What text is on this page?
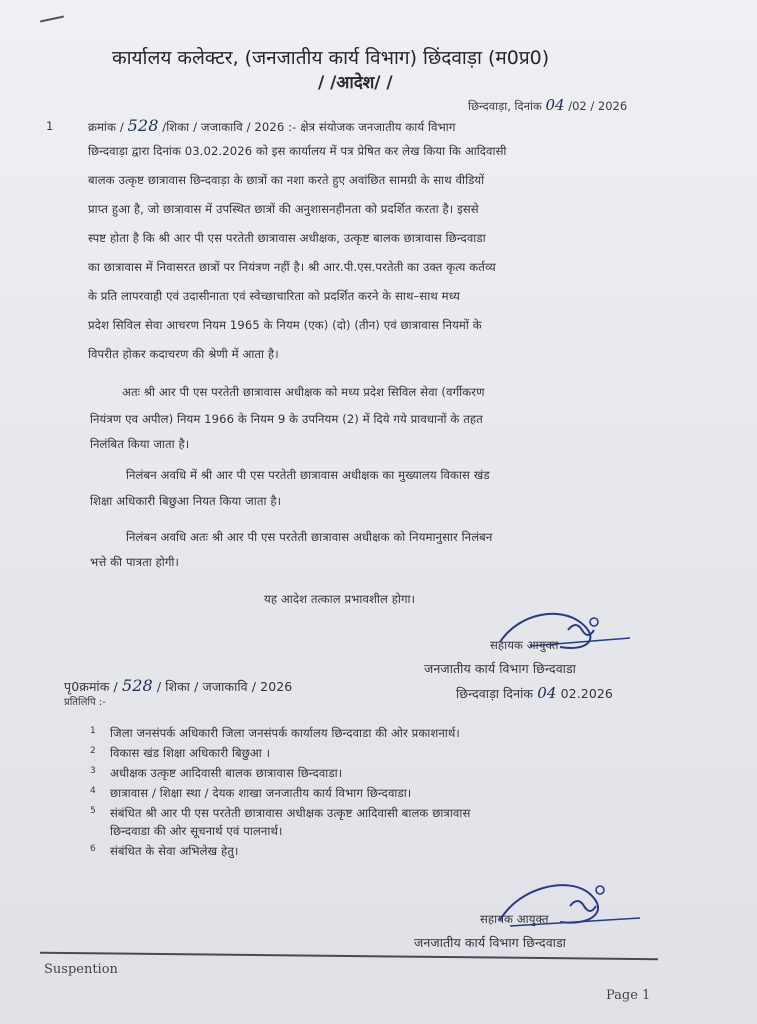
कार्यालय कलेक्टर, (जनजातीय कार्य विभाग) छिंदवाड़ा (म0प्र0)
/ /आदेश/ /
छिन्दवाड़ा, दिनांक 04 /02 / 2026
1	क्रमांक / 528 /शिका / जजाकावि / 2026 :- क्षेत्र संयोजक जनजातीय कार्य विभाग
छिन्दवाड़ा द्वारा दिनांक 03.02.2026 को इस कार्यालय में पत्र प्रेषित कर लेख किया कि आदिवासी
बालक उत्कृष्ट छात्रावास छिन्दवाड़ा के छात्रों का नशा करते हुए अवांछित सामग्री के साथ वीडियों
प्राप्त हुआ है, जो छात्रावास में उपस्थित छात्रों की अनुशासनहीनता को प्रदर्शित करता है। इससे
स्पष्ट होता है कि श्री आर पी एस परतेती छात्रावास अधीक्षक, उत्कृष्ट बालक छात्रावास छिन्दवाडा
का छात्रावास में निवासरत छात्रों पर नियंत्रण नहीं है। श्री आर.पी.एस.परतेती का उक्त कृत्य कर्तव्य
के प्रति लापरवाही एवं उदासीनाता एवं स्वेच्छाचारिता को प्रदर्शित करने के साथ–साथ मध्य
प्रदेश सिविल सेवा आचरण नियम 1965 के नियम (एक) (दो) (तीन) एवं छात्रावास नियमों के
विपरीत होकर कदाचरण की श्रेणी में आता है।
अतः श्री आर पी एस परतेती छात्रावास अधीक्षक को मध्य प्रदेश सिविल सेवा (वर्गीकरण
नियंत्रण एव अपील) नियम 1966 के नियम 9 के उपनियम (2) में दिये गये प्रावधानों के तहत
निलंबित किया जाता है।
निलंबन अवधि में श्री आर पी एस परतेती छात्रावास अधीक्षक का मुख्यालय विकास खंड
शिक्षा अधिकारी बिछुआ नियत किया जाता है।
निलंबन अवधि अतः श्री आर पी एस परतेती छात्रावास अधीक्षक को नियमानुसार निलंबन
भत्ते की पात्रता होगी।
यह आदेश तत्काल प्रभावशील होगा।
सहायक आयुक्त
जनजातीय कार्य विभाग छिन्दवाडा
पृ0क्रमांक / 528 / शिका / जजाकावि / 2026
प्रतिलिपि :-
छिन्दवाड़ा दिनांक 04 02.2026
1 जिला जनसंपर्क अधिकारी जिला जनसंपर्क कार्यालय छिन्दवाडा की ओर प्रकाशनार्थ।
2 विकास खंड शिक्षा अधिकारी बिछुआ ।
3 अधीक्षक उत्कृष्ट आदिवासी बालक छात्रावास छिन्दवाडा।
4 छात्रावास / शिक्षा स्था / देयक शाखा जनजातीय कार्य विभाग छिन्दवाडा।
5 संबंधित श्री आर पी एस परतेती छात्रावास अधीक्षक उत्कृष्ट आदिवासी बालक छात्रावास
छिन्दवाडा की ओर सूचनार्थ एवं पालनार्थ।
6 संबंधित के सेवा अभिलेख हेतु।
सहायक आयुक्त
जनजातीय कार्य विभाग छिन्दवाडा
Suspention
Page 1
